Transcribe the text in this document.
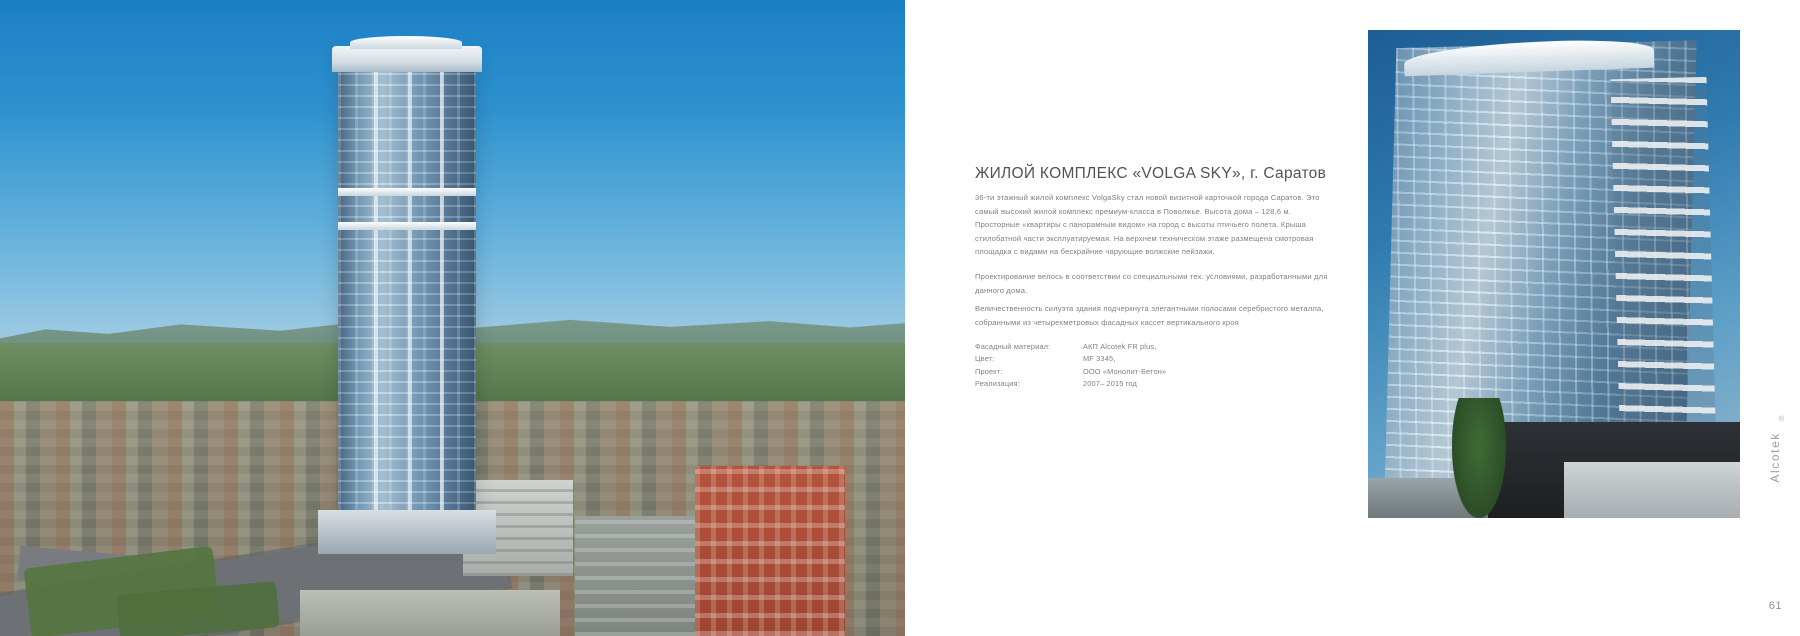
ЖИЛОЙ КОМПЛЕКС «VOLGA SKY», г. Саратов
36-ти этажный жилой комплекс VolgaSky стал новой визитной карточкой города Саратов. Это самый высокий жилой комплекс премиум-класса в Поволжье. Высота дома – 128,6 м. Просторные «квартиры с панорамным видом» на город с высоты птичьего полета. Крыша стилобатной части эксплуатируемая. На верхнем техническом этаже размещена смотровая площадка с видами на бескрайние чарующие волжские пейзажи.
Проектирование велось в соответствии со специальными тех. условиями, разработанными для данного дома.
Величественность силуэта здания подчеркнута элегантными полосами серебристого металла, собранными из четырехметровых фасадных кассет вертикального кроя
Фасадный материал:	АКП Alcotek FR plus,
Цвет:	MF 3345,
Проект:	ООО «Монолит-Бетон»
Реализация:	2007– 2015 год
®
Alcotek
61
